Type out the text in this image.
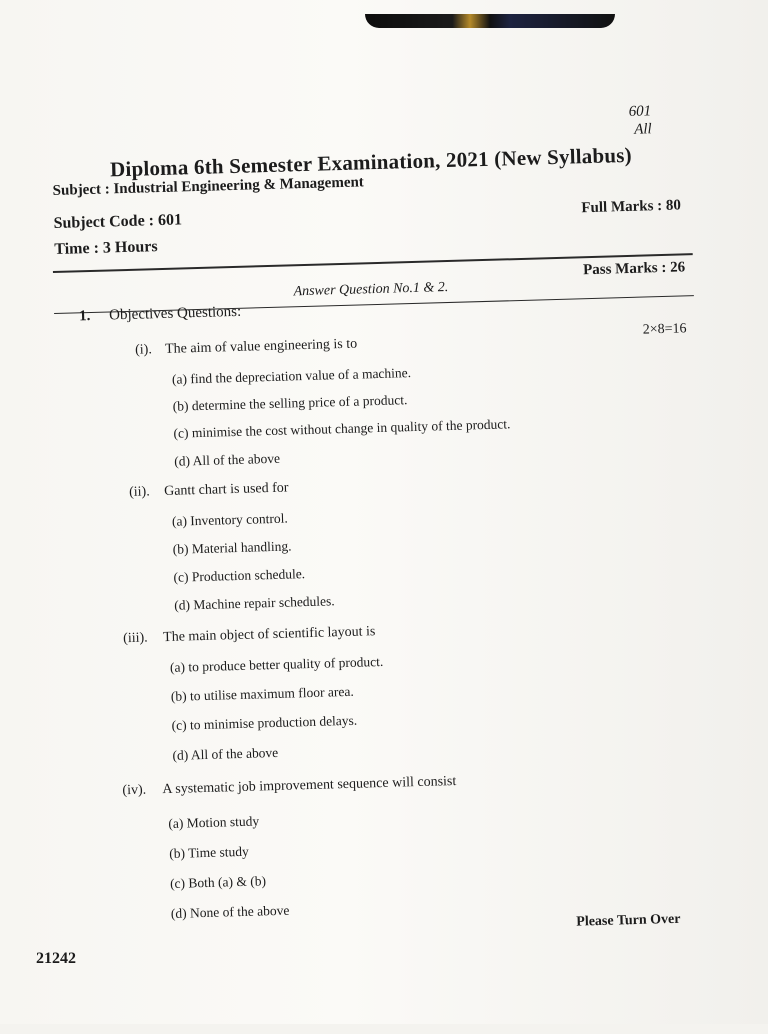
601
All
Diploma 6th Semester Examination, 2021 (New Syllabus)
Subject : Industrial Engineering & Management
Full Marks : 80
Subject Code : 601
Time : 3 Hours
Pass Marks : 26
Answer Question No.1 & 2.
1. Objectives Questions:
2×8=16
(i). The aim of value engineering is to
(a) find the depreciation value of a machine.
(b) determine the selling price of a product.
(c) minimise the cost without change in quality of the product.
(d) All of the above
(ii). Gantt chart is used for
(a) Inventory control.
(b) Material handling.
(c) Production schedule.
(d) Machine repair schedules.
(iii). The main object of scientific layout is
(a) to produce better quality of product.
(b) to utilise maximum floor area.
(c) to minimise production delays.
(d) All of the above
(iv). A systematic job improvement sequence will consist
(a) Motion study
(b) Time study
(c) Both (a) & (b)
(d) None of the above	Please Turn Over
21242
